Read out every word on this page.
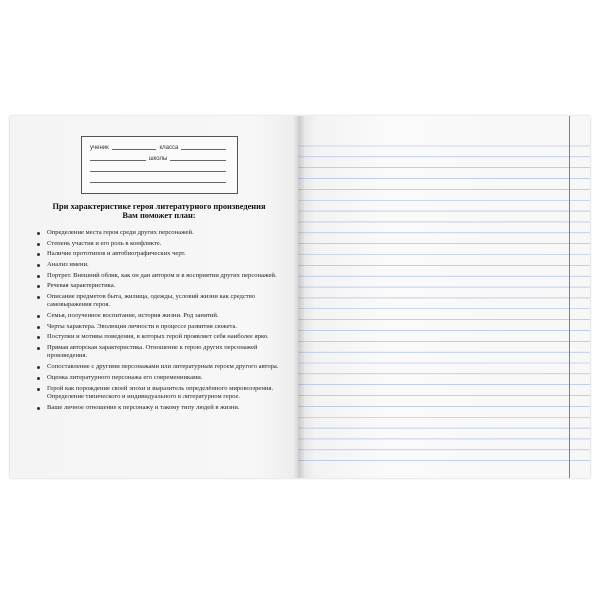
ученик	класса
школы
При характеристике героя литературного произведения
Вам поможет план:
Определение места героя среди других персонажей.
Степень участия и его роль в конфликте.
Наличие прототипов и автобиографических черт.
Анализ имени.
Портрет. Внешний облик, как он дан автором и в восприятии других персонажей.
Речевая характеристика.
Описание предметов быта, жилища, одежды, условий жизни как средство самовыражения героя.
Семья, полученное воспитание, история жизни. Род занятий.
Черты характера. Эволюция личности в процессе развития сюжета.
Поступки и мотивы поведения, в которых герой проявляет себя наиболее ярко.
Прямая авторская характеристика. Отношение к герою других персонажей произведения.
Сопоставление с другими персонажами или литературным героем другого автора.
Оценка литературного персонажа его современниками.
Герой как порождение своей эпохи и выразитель определённого мировоззрения. Определение типического и индивидуального в литературном герое.
Ваше личное отношение к персонажу и такому типу людей в жизни.
